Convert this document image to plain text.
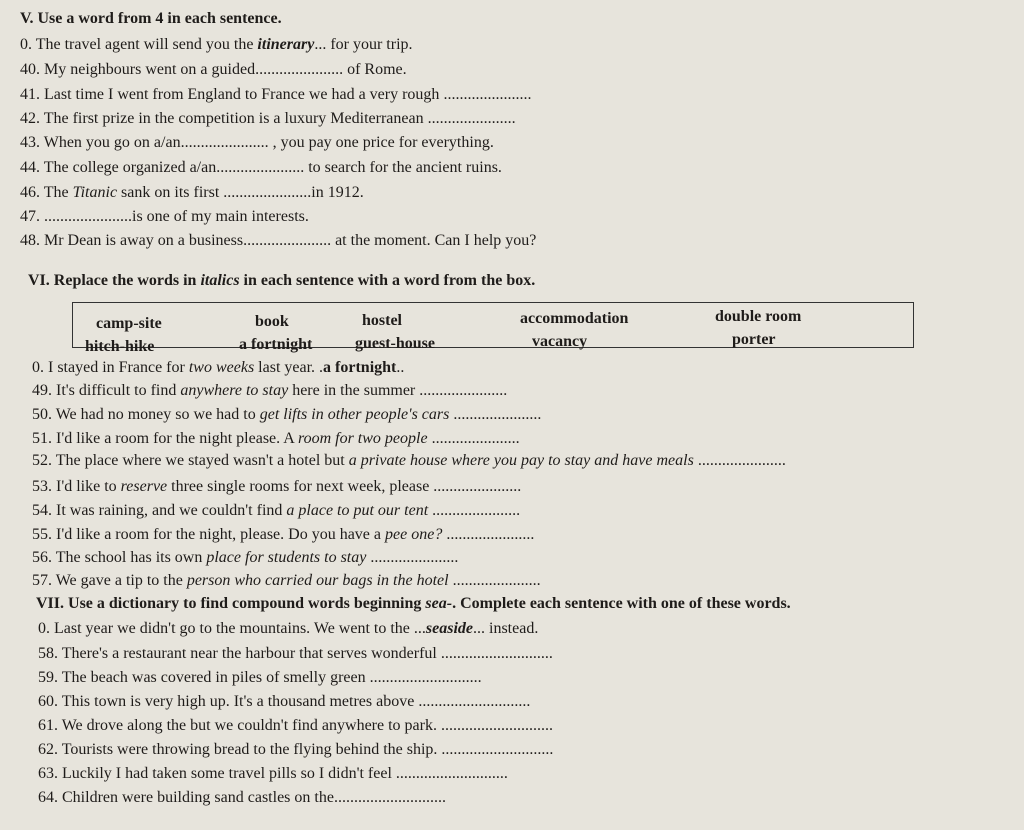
V. Use a word from 4 in each sentence.
0. The travel agent will send you the itinerary... for your trip.
40. My neighbours went on a guided...................... of Rome.
41. Last time I went from England to France we had a very rough ......................
42. The first prize in the competition is a luxury Mediterranean ......................
43. When you go on a/an...................... , you pay one price for everything.
44. The college organized a/an...................... to search for the ancient ruins.
46. The Titanic sank on its first ......................in 1912.
47. ......................is one of my main interests.
48. Mr Dean is away on a business...................... at the moment. Can I help you?
VI. Replace the words in italics in each sentence with a word from the box.
camp-site	book	hostel	accommodation	double room
hitch-hike	a fortnight	guest-house	vacancy	porter
0. I stayed in France for two weeks last year. .a fortnight..
49. It's difficult to find anywhere to stay here in the summer ......................
50. We had no money so we had to get lifts in other people's cars ......................
51. I'd like a room for the night please. A room for two people ......................
52. The place where we stayed wasn't a hotel but a private house where you pay to stay and have meals ......................
53. I'd like to reserve three single rooms for next week, please ......................
54. It was raining, and we couldn't find a place to put our tent ......................
55. I'd like a room for the night, please. Do you have a pee one? ......................
56. The school has its own place for students to stay ......................
57. We gave a tip to the person who carried our bags in the hotel ......................
VII. Use a dictionary to find compound words beginning sea-. Complete each sentence with one of these words.
0. Last year we didn't go to the mountains. We went to the ...seaside... instead.
58. There's a restaurant near the harbour that serves wonderful ............................
59. The beach was covered in piles of smelly green ............................
60. This town is very high up. It's a thousand metres above ............................
61. We drove along the but we couldn't find anywhere to park. ............................
62. Tourists were throwing bread to the flying behind the ship. ............................
63. Luckily I had taken some travel pills so I didn't feel ............................
64. Children were building sand castles on the............................
